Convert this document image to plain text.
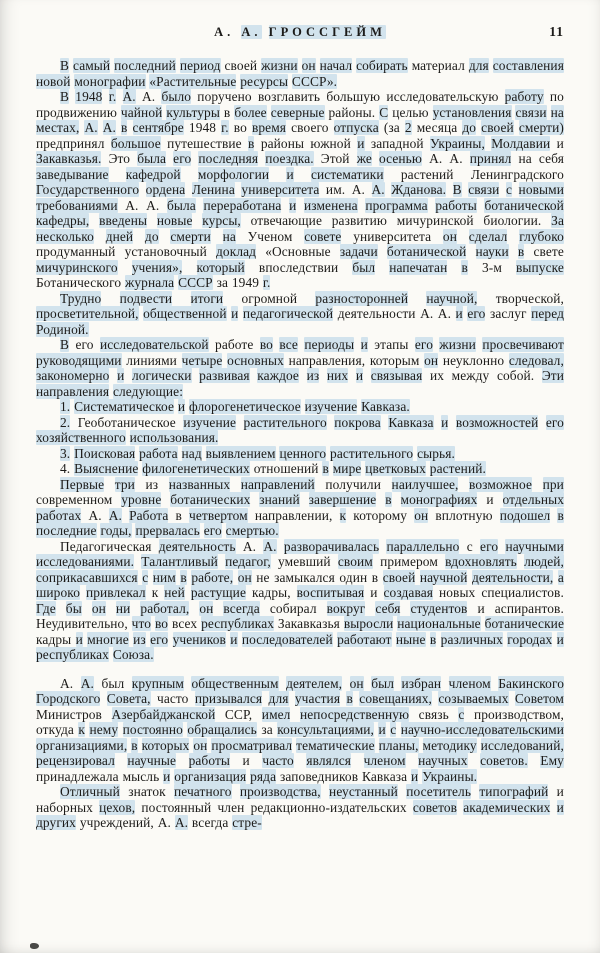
А. А. ГРОССГЕЙМ	11

В самый последний период своей жизни он начал собирать материал для составления новой монографии «Растительные ресурсы СССР».

В 1948 г. А. А. было поручено возглавить большую исследовательскую работу по продвижению чайной культуры в более северные районы. С целью установления связи на местах, А. А. в сентябре 1948 г. во время своего отпуска (за 2 месяца до своей смерти) предпринял большое путешествие в районы южной и западной Украины, Молдавии и Закавказья. Это была его последняя поездка. Этой же осенью А. А. принял на себя заведывание кафедрой морфологии и систематики растений Ленинградского Государственного ордена Ленина университета им. А. А. Жданова. В связи с новыми требованиями А. А. была переработана и изменена программа работы ботанической кафедры, введены новые курсы, отвечающие развитию мичуринской биологии. За несколько дней до смерти на Ученом совете университета он сделал глубоко продуманный установочный доклад «Основные задачи ботанической науки в свете мичуринского учения», который впоследствии был напечатан в 3-м выпуске Ботанического журнала СССР за 1949 г.

Трудно подвести итоги огромной разносторонней научной, творческой, просветительной, общественной и педагогической деятельности А. А. и его заслуг перед Родиной.

В его исследовательской работе во все периоды и этапы его жизни просвечивают руководящими линиями четыре основных направления, которым он неуклонно следовал, закономерно и логически развивая каждое из них и связывая их между собой. Эти направления следующие:

1. Систематическое и флорогенетическое изучение Кавказа.

2. Геоботаническое изучение растительного покрова Кавказа и возможностей его хозяйственного использования.

3. Поисковая работа над выявлением ценного растительного сырья.

4. Выяснение филогенетических отношений в мире цветковых растений.

Первые три из названных направлений получили наилучшее, возможное при современном уровне ботанических знаний завершение в монографиях и отдельных работах А. А. Работа в четвертом направлении, к которому он вплотную подошел в последние годы, прервалась его смертью.

Педагогическая деятельность А. А. разворачивалась параллельно с его научными исследованиями. Талантливый педагог, умевший своим примером вдохновлять людей, соприкасавшихся с ним в работе, он не замыкался один в своей научной деятельности, а широко привлекал к ней растущие кадры, воспитывая и создавая новых специалистов. Где бы он ни работал, он всегда собирал вокруг себя студентов и аспирантов. Неудивительно, что во всех республиках Закавказья выросли национальные ботанические кадры и многие из его учеников и последователей работают ныне в различных городах и республиках Союза.

А. А. был крупным общественным деятелем, он был избран членом Бакинского Городского Совета, часто призывался для участия в совещаниях, созываемых Советом Министров Азербайджанской ССР, имел непосредственную связь с производством, откуда к нему постоянно обращались за консультациями, и с научно-исследовательскими организациями, в которых он просматривал тематические планы, методику исследований, рецензировал научные работы и часто являлся членом научных советов. Ему принадлежала мысль и организация ряда заповедников Кавказа и Украины.

Отличный знаток печатного производства, неустанный посетитель типографий и наборных цехов, постоянный член редакционно-издательских советов академических и других учреждений, А. А. всегда стре-
